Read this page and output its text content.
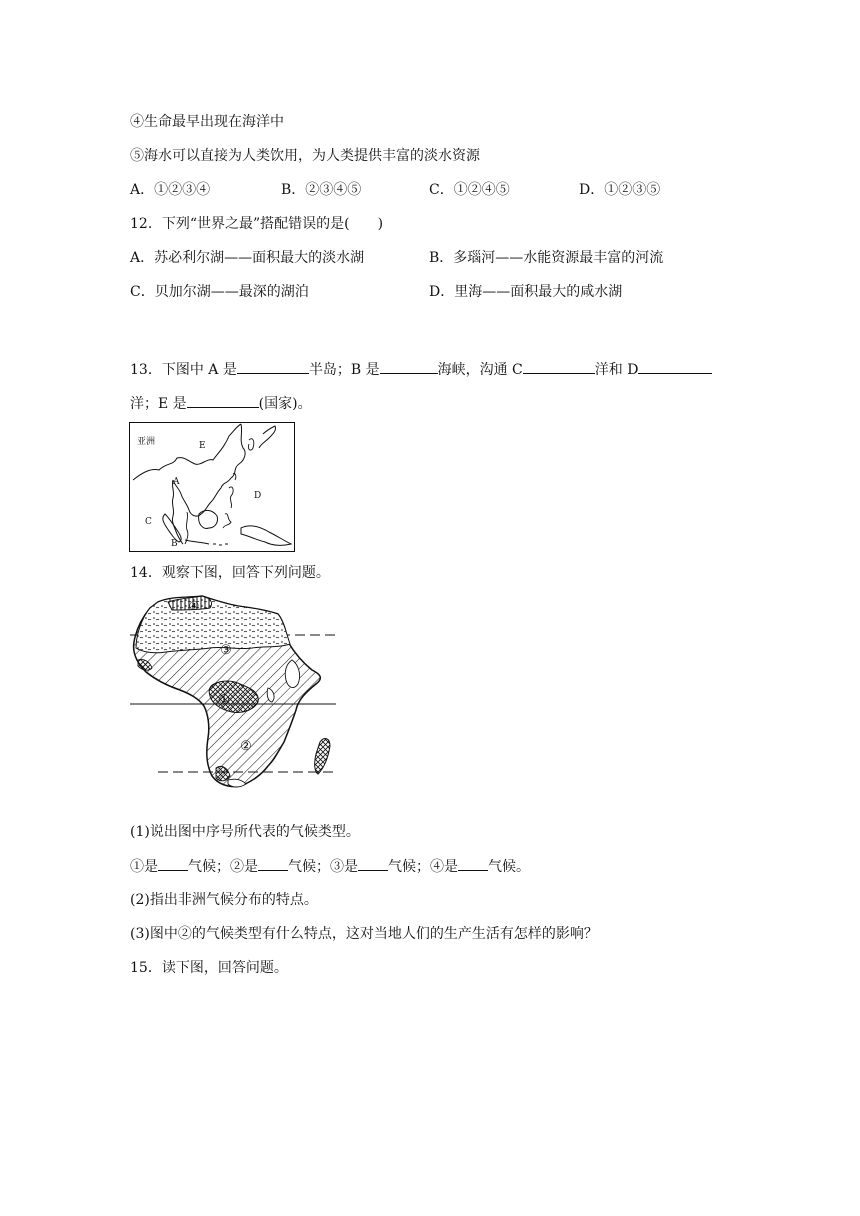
④生命最早出现在海洋中
⑤海水可以直接为人类饮用，为人类提供丰富的淡水资源
A．①②③④	B．②③④⑤	C．①②④⑤	D．①②③⑤
12．下列“世界之最”搭配错误的是(　　)
A．苏必利尔湖——面积最大的淡水湖	B．多瑙河——水能资源最丰富的河流
C．贝加尔湖——最深的湖泊	D．里海——面积最大的咸水湖
13．下图中 A 是	半岛；B 是	海峡，沟通 C	洋和 D
洋；E 是	(国家)。
亚洲	E
A
D
C
B
14．观察下图，回答下列问题。
④
③
①
②
(1)说出图中序号所代表的气候类型。
①是 气候；②是 气候；③是 气候；④是 气候。
(2)指出非洲气候分布的特点。
(3)图中②的气候类型有什么特点，这对当地人们的生产生活有怎样的影响？
15．读下图，回答问题。
